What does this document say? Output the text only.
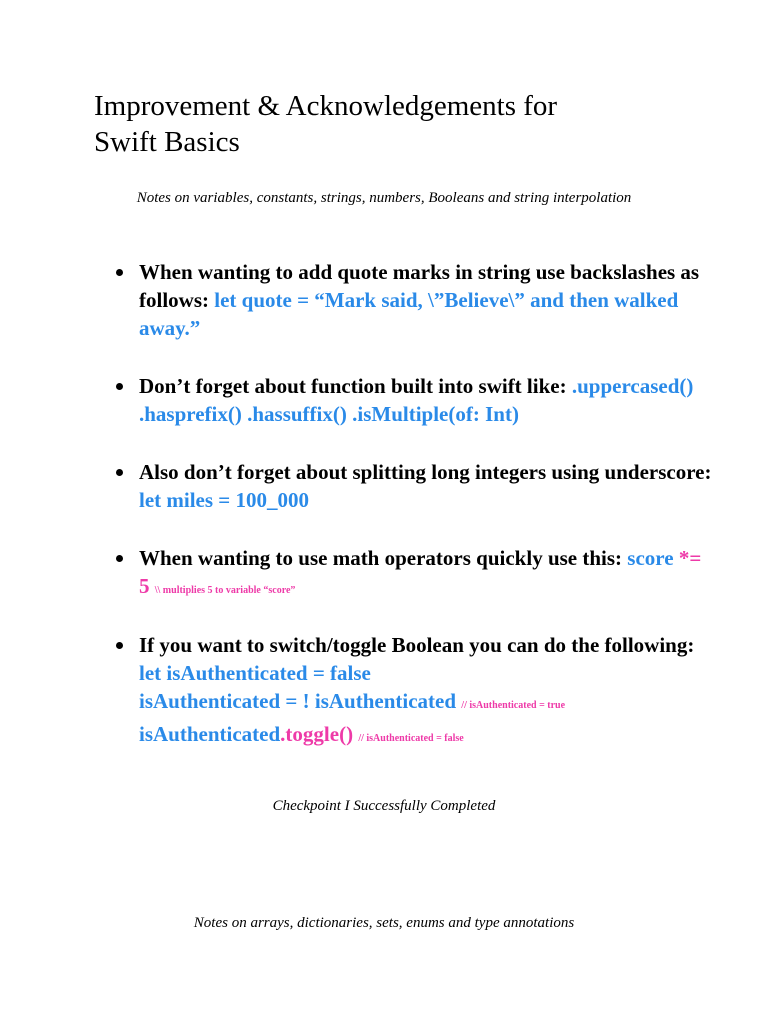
Improvement & Acknowledgements for
Swift Basics
Notes on variables, constants, strings, numbers, Booleans and string interpolation
When wanting to add quote marks in string use backslashes as follows: let quote = “Mark said, \”Believe\” and then walked away.”
Don’t forget about function built into swift like: .uppercased() .hasprefix() .hassuffix() .isMultiple(of: Int)
Also don’t forget about splitting long integers using underscore: let miles = 100_000
When wanting to use math operators quickly use this: score *= 5 \\ multiplies 5 to variable “score”
If you want to switch/toggle Boolean you can do the following: let isAuthenticated = false
isAuthenticated = ! isAuthenticated // isAuthenticated = true
isAuthenticated.toggle() // isAuthenticated = false
Checkpoint I Successfully Completed
Notes on arrays, dictionaries, sets, enums and type annotations
